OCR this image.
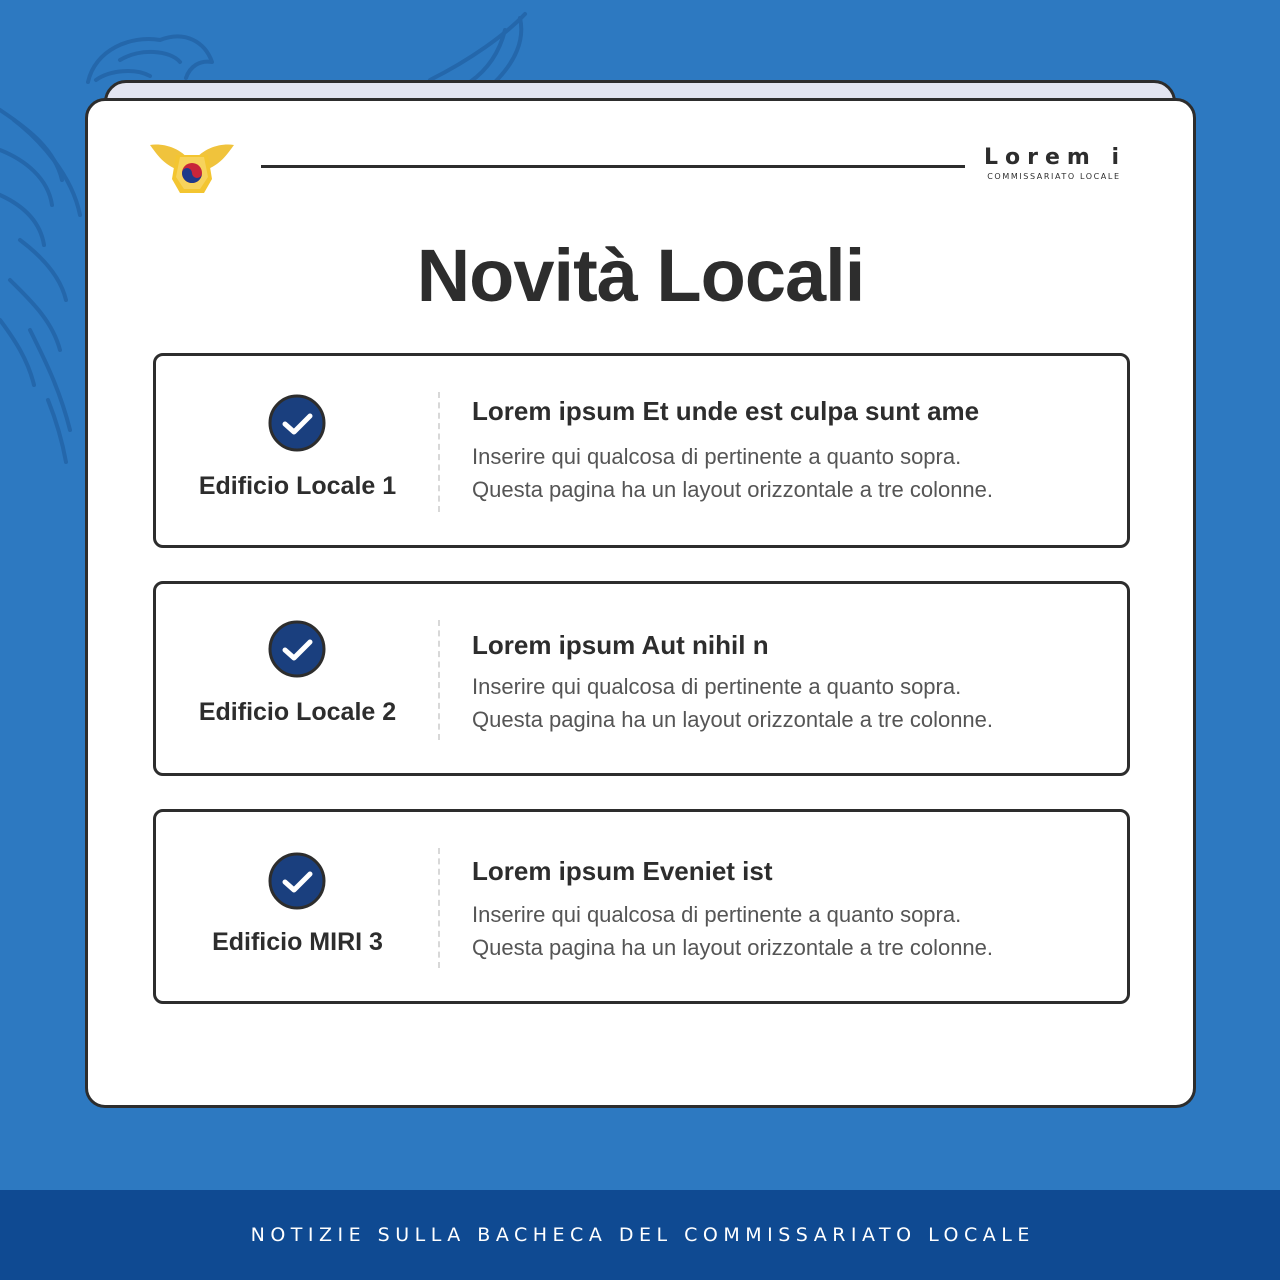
Lorem i
COMMISSARIATO LOCALE
Novità Locali
Edificio Locale 1
Lorem ipsum Et unde est culpa sunt ame
Inserire qui qualcosa di pertinente a quanto sopra.
Questa pagina ha un layout orizzontale a tre colonne.
Edificio Locale 2
Lorem ipsum Aut nihil n
Inserire qui qualcosa di pertinente a quanto sopra.
Questa pagina ha un layout orizzontale a tre colonne.
Edificio MIRI 3
Lorem ipsum Eveniet ist
Inserire qui qualcosa di pertinente a quanto sopra.
Questa pagina ha un layout orizzontale a tre colonne.
NOTIZIE SULLA BACHECA DEL COMMISSARIATO LOCALE
